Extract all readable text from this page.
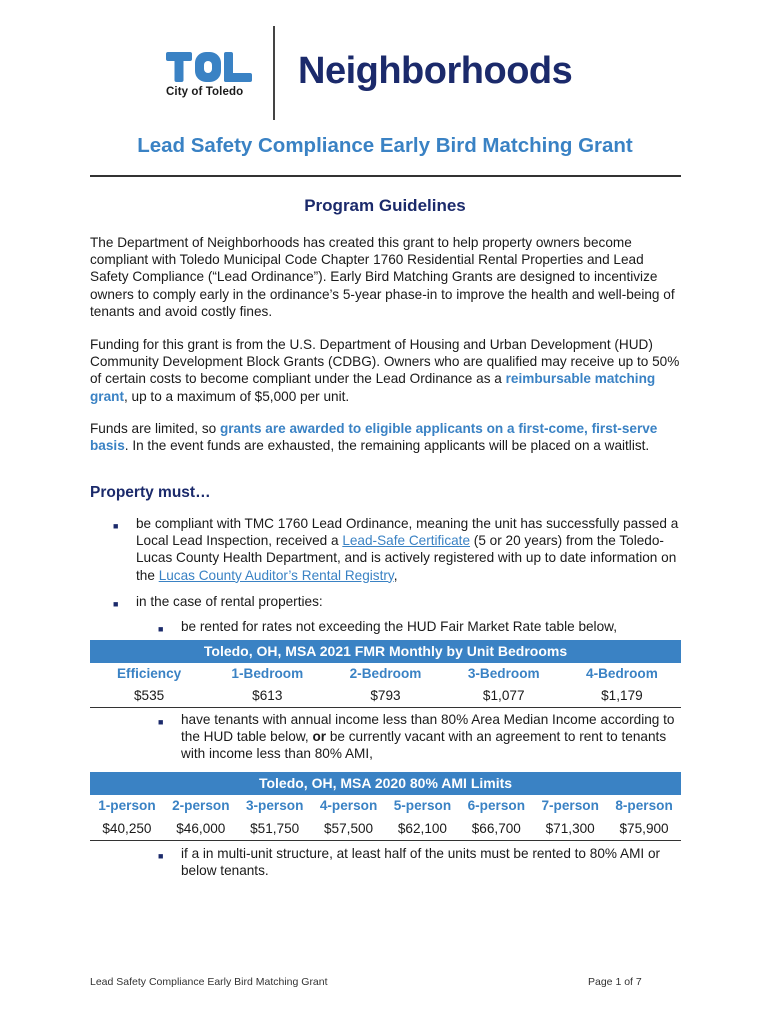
City of Toledo Neighborhoods
Lead Safety Compliance Early Bird Matching Grant
Program Guidelines

The Department of Neighborhoods has created this grant to help property owners become compliant with Toledo Municipal Code Chapter 1760 Residential Rental Properties and Lead Safety Compliance (“Lead Ordinance”). Early Bird Matching Grants are designed to incentivize owners to comply early in the ordinance’s 5-year phase-in to improve the health and well-being of tenants and avoid costly fines.

Funding for this grant is from the U.S. Department of Housing and Urban Development (HUD) Community Development Block Grants (CDBG). Owners who are qualified may receive up to 50% of certain costs to become compliant under the Lead Ordinance as a reimbursable matching grant, up to a maximum of $5,000 per unit.

Funds are limited, so grants are awarded to eligible applicants on a first-come, first-serve basis. In the event funds are exhausted, the remaining applicants will be placed on a waitlist.

Property must…
■ be compliant with TMC 1760 Lead Ordinance, meaning the unit has successfully passed a Local Lead Inspection, received a Lead-Safe Certificate (5 or 20 years) from the Toledo-Lucas County Health Department, and is actively registered with up to date information on the Lucas County Auditor’s Rental Registry,
■ in the case of rental properties:
■ be rented for rates not exceeding the HUD Fair Market Rate table below,
Toledo, OH, MSA 2021 FMR Monthly by Unit Bedrooms
Efficiency	1-Bedroom	2-Bedroom	3-Bedroom	4-Bedroom
$535	$613	$793	$1,077	$1,179
■ have tenants with annual income less than 80% Area Median Income according to the HUD table below, or be currently vacant with an agreement to rent to tenants with income less than 80% AMI,
Toledo, OH, MSA 2020 80% AMI Limits
1-person	2-person	3-person	4-person	5-person	6-person	7-person	8-person
$40,250	$46,000	$51,750	$57,500	$62,100	$66,700	$71,300	$75,900
■ if a in multi-unit structure, at least half of the units must be rented to 80% AMI or below tenants.
Lead Safety Compliance Early Bird Matching Grant	Page 1 of 7
